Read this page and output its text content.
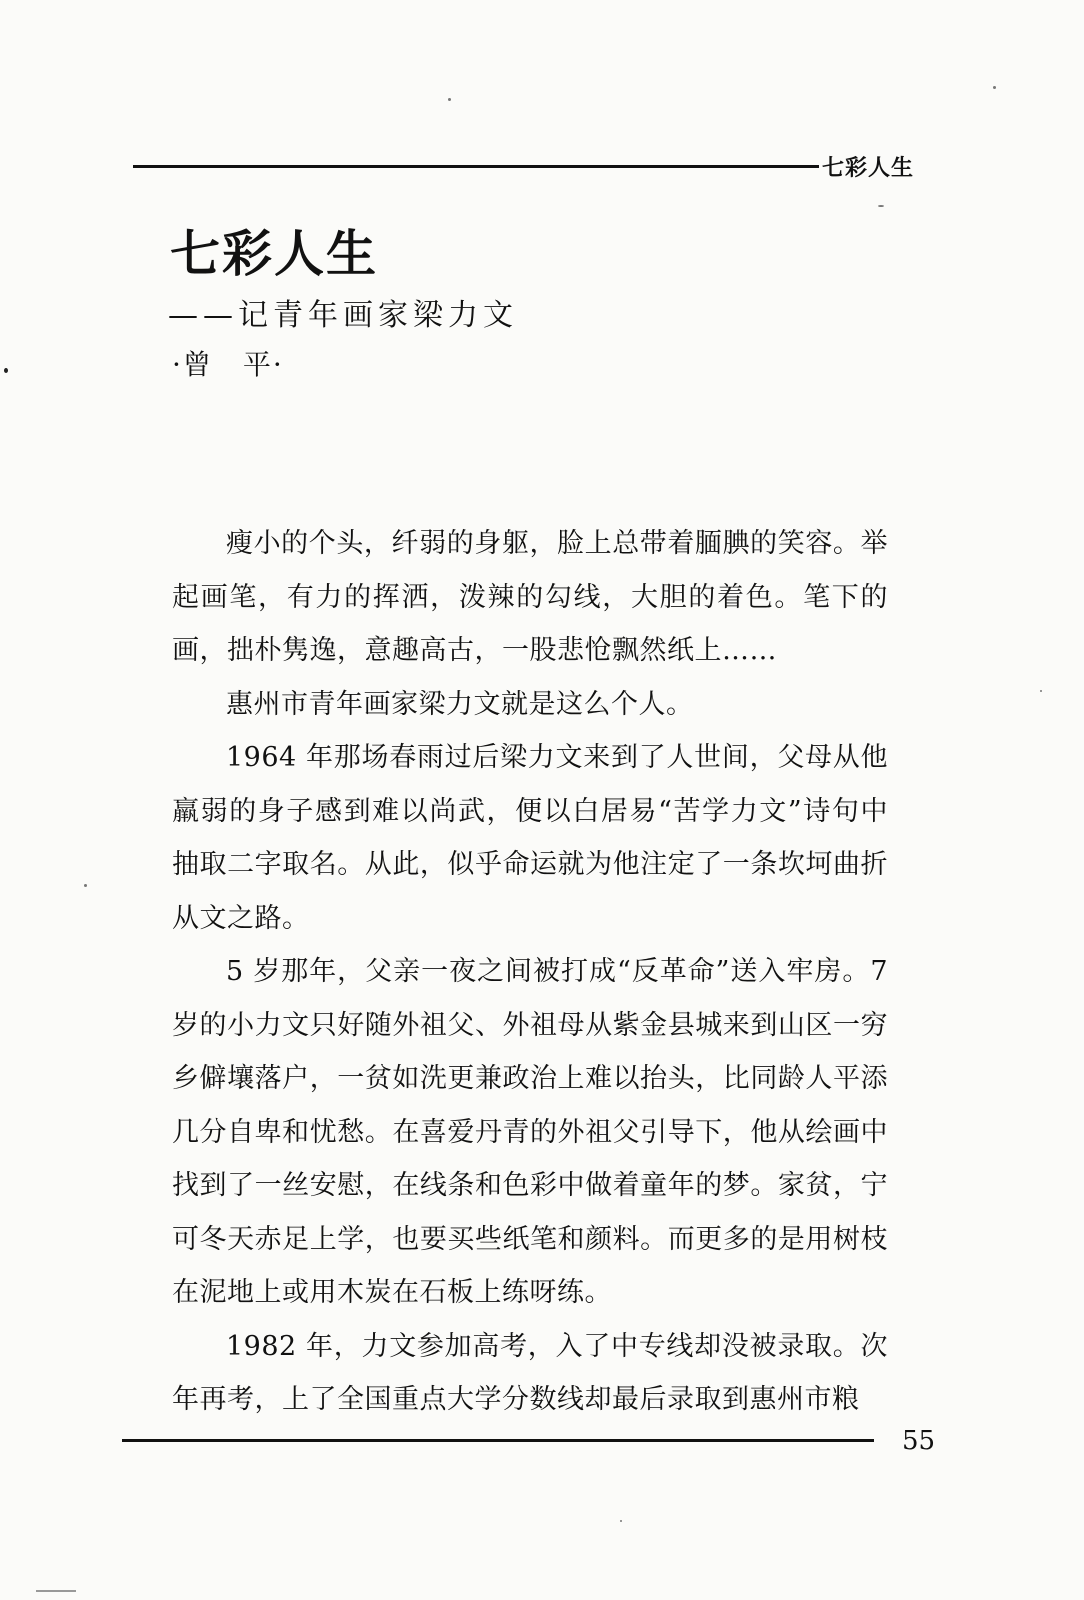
七彩人生
七彩人生
——记青年画家梁力文
·曾　平·

瘦小的个头，纤弱的身躯，脸上总带着腼腆的笑容。举起画笔，有力的挥洒，泼辣的勾线，大胆的着色。笔下的画，拙朴隽逸，意趣高古，一股悲怆飘然纸上……

惠州市青年画家梁力文就是这么个人。

1964 年那场春雨过后梁力文来到了人世间，父母从他羸弱的身子感到难以尚武，便以白居易“苦学力文”诗句中抽取二字取名。从此，似乎命运就为他注定了一条坎坷曲折从文之路。

5 岁那年，父亲一夜之间被打成“反革命”送入牢房。7 岁的小力文只好随外祖父、外祖母从紫金县城来到山区一穷乡僻壤落户，一贫如洗更兼政治上难以抬头，比同龄人平添几分自卑和忧愁。在喜爱丹青的外祖父引导下，他从绘画中找到了一丝安慰，在线条和色彩中做着童年的梦。家贫，宁可冬天赤足上学，也要买些纸笔和颜料。而更多的是用树枝在泥地上或用木炭在石板上练呀练。

1982 年，力文参加高考，入了中专线却没被录取。次年再考，上了全国重点大学分数线却最后录取到惠州市粮

55
